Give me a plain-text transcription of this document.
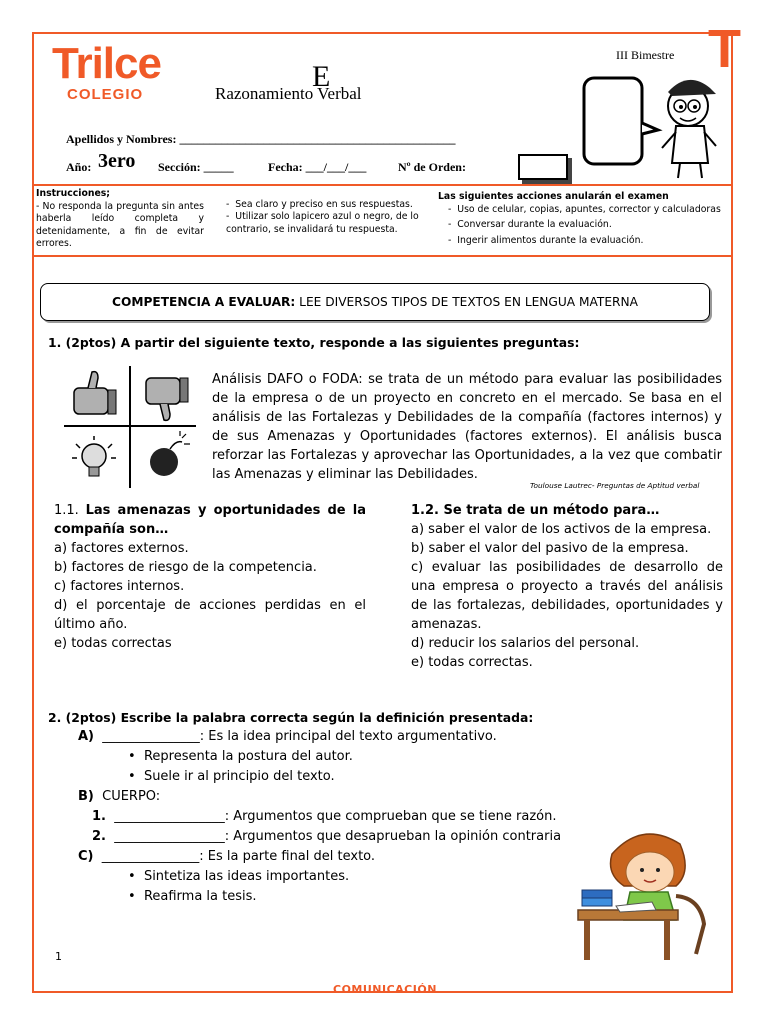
Trilce
COLEGIO
E
Razonamiento Verbal
III Bimestre T
Apellidos y Nombres: ______________________________________________
Año: 3ero Sección: _____	Fecha: ___/___/___	Nº de Orden:
Instrucciones;
- No responda la pregunta sin antes haberla leído completa y detenidamente, a fin de evitar errores.
-  Sea claro y preciso en sus respuestas.
-  Utilizar solo lapicero azul o negro, de lo contrario, se invalidará tu respuesta.
Las siguientes acciones anularán el examen
-  Uso de celular, copias, apuntes, corrector y calculadoras
-  Conversar durante la evaluación.
-  Ingerir alimentos durante la evaluación.
COMPETENCIA A EVALUAR: LEE DIVERSOS TIPOS DE TEXTOS EN LENGUA MATERNA
1. (2ptos) A partir del siguiente texto, responde a las siguientes preguntas:
Análisis DAFO o FODA: se trata de un método para evaluar las posibilidades de la empresa o de un proyecto en concreto en el mercado. Se basa en el análisis de las Fortalezas y Debilidades de la compañía (factores internos) y de sus Amenazas y Oportunidades (factores externos). El análisis busca reforzar las Fortalezas y aprovechar las Oportunidades, a la vez que combatir las Amenazas y eliminar las Debilidades.
Toulouse Lautrec- Preguntas de Aptitud verbal
1.1. Las amenazas y oportunidades de la compañía son…
a) factores externos.
b) factores de riesgo de la competencia.
c) factores internos.
d) el porcentaje de acciones perdidas en el último año.
e) todas correctas
1.2. Se trata de un método para…
a) saber el valor de los activos de la empresa.
b) saber el valor del pasivo de la empresa.
c) evaluar las posibilidades de desarrollo de una empresa o proyecto a través del análisis de las fortalezas, debilidades, oportunidades y amenazas.
d) reducir los salarios del personal.
e) todas correctas.
2. (2ptos) Escribe la palabra correcta según la definición presentada:
A) _______________: Es la idea principal del texto argumentativo.
•  Representa la postura del autor.
•  Suele ir al principio del texto.
B) CUERPO:
1. _________________: Argumentos que comprueban que se tiene razón.
2. _________________: Argumentos que desaprueban la opinión contraria
C) _______________: Es la parte final del texto.
•  Sintetiza las ideas importantes.
•  Reafirma la tesis.
1
COMUNICACIÓN
